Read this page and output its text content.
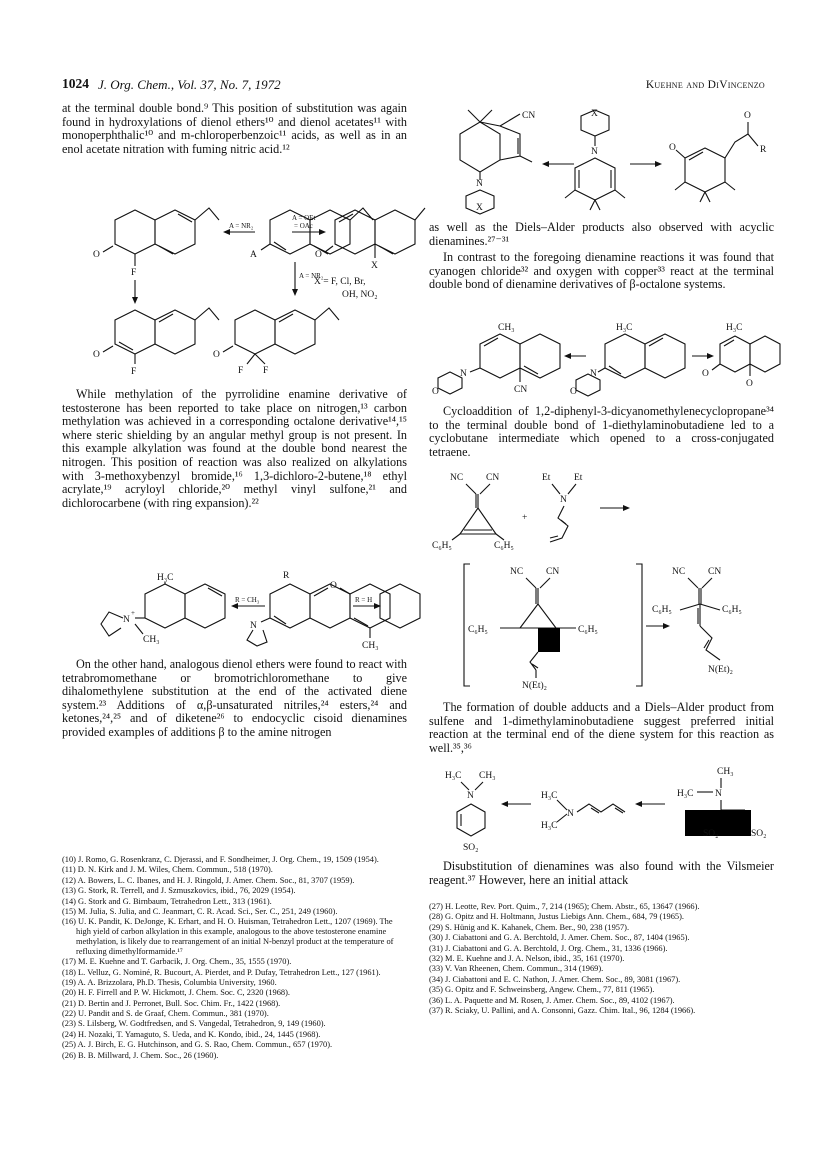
1024 J. Org. Chem., Vol. 37, No. 7, 1972	Kuehne and DiVincenzo

at the terminal double bond.⁹ This position of substitution was again found in hydroxylations of dienol ethers¹⁰ and dienol acetates¹¹ with monoperphthalic¹⁰ and m-chloroperbenzoic¹¹ acids, as well as in an enol acetate nitration with fuming nitric acid.¹²

While methylation of the pyrrolidine enamine derivative of testosterone has been reported to take place on nitrogen,¹³ carbon methylation was achieved in a corresponding octalone derivative¹⁴,¹⁵ where steric shielding by an angular methyl group is not present. In this example alkylation was found at the double bond nearest the nitrogen. This position of reaction was also realized on alkylations with 3-methoxybenzyl bromide,¹⁶ 1,3-dichloro-2-butene,¹⁸ ethyl acrylate,¹⁹ acryloyl chloride,²⁰ methyl vinyl sulfone,²¹ and dichlorocarbene (with ring expansion).²²

On the other hand, analogous dienol ethers were found to react with tetrabromomethane or bromotrichloromethane to give dihalomethylene substitution at the end of the activated diene system.²³ Additions of α,β-unsaturated nitriles,²⁴ esters,²⁴ and ketones,²⁴,²⁵ and of diketene²⁶ to endocyclic cisoid dienamines provided examples of additions β to the amine nitrogen

as well as the Diels–Alder products also observed with acyclic dienamines.²⁷⁻³¹

In contrast to the foregoing dienamine reactions it was found that cyanogen chloride³² and oxygen with copper³³ react at the terminal double bond of dienamine derivatives of β-octalone systems.

Cycloaddition of 1,2-diphenyl-3-dicyanomethylenecyclopropane³⁴ to the terminal double bond of 1-diethylaminobutadiene led to a cyclobutane intermediate which opened to a cross-conjugated tetraene.

The formation of double adducts and a Diels–Alder product from sulfene and 1-dimethylaminobutadiene suggest preferred initial reaction at the terminal end of the diene system for this reaction as well.³⁵,³⁶

Disubstitution of dienamines was also found with the Vilsmeier reagent.³⁷ However, here an initial attack

O
F
A = NR₂
A
A = NR₂
O
F
O
F F
A = OEt
= OAc
O
X
X = F, Cl, Br,
OH, NO₂
H₃C
N
+
CH₃
R = CH₃
R
N
R = H
O
CH₃
CN
N
X
X
N	O
O
R
CH₃
N
O	CN
H₃C
N
O
H₃C
O
O
NC CN
C₆H₅	C₆H₅
+
Et Et
N
NC CN
C₆H₅	C₆H₅
N(Et)₂
NC CN
C₆H₅	C₆H₅
N(Et)₂
H₃C CH₃
N
SO₂
H₃C
H₃C
N
CH₃
H₃C N
SO₂	SO₂

(10) J. Romo, G. Rosenkranz, C. Djerassi, and F. Sondheimer, J. Org. Chem., 19, 1509 (1954).

(11) D. N. Kirk and J. M. Wiles, Chem. Commun., 518 (1970).

(12) A. Bowers, L. C. Ibanes, and H. J. Ringold, J. Amer. Chem. Soc., 81, 3707 (1959).

(13) G. Stork, R. Terrell, and J. Szmuszkovics, ibid., 76, 2029 (1954).

(14) G. Stork and G. Birnbaum, Tetrahedron Lett., 313 (1961).

(15) M. Julia, S. Julia, and C. Jeanmart, C. R. Acad. Sci., Ser. C., 251, 249 (1960).

(16) U. K. Pandit, K. DeJonge, K. Erhart, and H. O. Huisman, Tetrahedron Lett., 1207 (1969). The high yield of carbon alkylation in this example, analogous to the above testosterone enamine methylation, is likely due to rearrangement of an initial N-benzyl product at the temperature of refluxing dimethylformamide.¹⁷

(17) M. E. Kuehne and T. Garbacik, J. Org. Chem., 35, 1555 (1970).

(18) L. Velluz, G. Nominé, R. Bucourt, A. Pierdet, and P. Dufay, Tetrahedron Lett., 127 (1961).

(19) A. A. Brizzolara, Ph.D. Thesis, Columbia University, 1960.

(20) H. F. Firrell and P. W. Hickmott, J. Chem. Soc. C, 2320 (1968).

(21) D. Bertin and J. Perronet, Bull. Soc. Chim. Fr., 1422 (1968).

(22) U. Pandit and S. de Graaf, Chem. Commun., 381 (1970).

(23) S. Lilsberg, W. Godtfredsen, and S. Vangedal, Tetrahedron, 9, 149 (1960).

(24) H. Nozaki, T. Yamaguto, S. Ueda, and K. Kondo, ibid., 24, 1445 (1968).

(25) A. J. Birch, E. G. Hutchinson, and G. S. Rao, Chem. Commun., 657 (1970).

(26) B. B. Millward, J. Chem. Soc., 26 (1960).

(27) H. Leotte, Rev. Port. Quim., 7, 214 (1965); Chem. Abstr., 65, 13647 (1966).

(28) G. Opitz and H. Holtmann, Justus Liebigs Ann. Chem., 684, 79 (1965).

(29) S. Hünig and K. Kahanek, Chem. Ber., 90, 238 (1957).

(30) J. Ciabattoni and G. A. Berchtold, J. Amer. Chem. Soc., 87, 1404 (1965).

(31) J. Ciabattoni and G. A. Berchtold, J. Org. Chem., 31, 1336 (1966).

(32) M. E. Kuehne and J. A. Nelson, ibid., 35, 161 (1970).

(33) V. Van Rheenen, Chem. Commun., 314 (1969).

(34) J. Ciabattoni and E. C. Nathon, J. Amer. Chem. Soc., 89, 3081 (1967).

(35) G. Opitz and F. Schweinsberg, Angew. Chem., 77, 811 (1965).

(36) L. A. Paquette and M. Rosen, J. Amer. Chem. Soc., 89, 4102 (1967).

(37) R. Sciaky, U. Pallini, and A. Consonni, Gazz. Chim. Ital., 96, 1284 (1966).
